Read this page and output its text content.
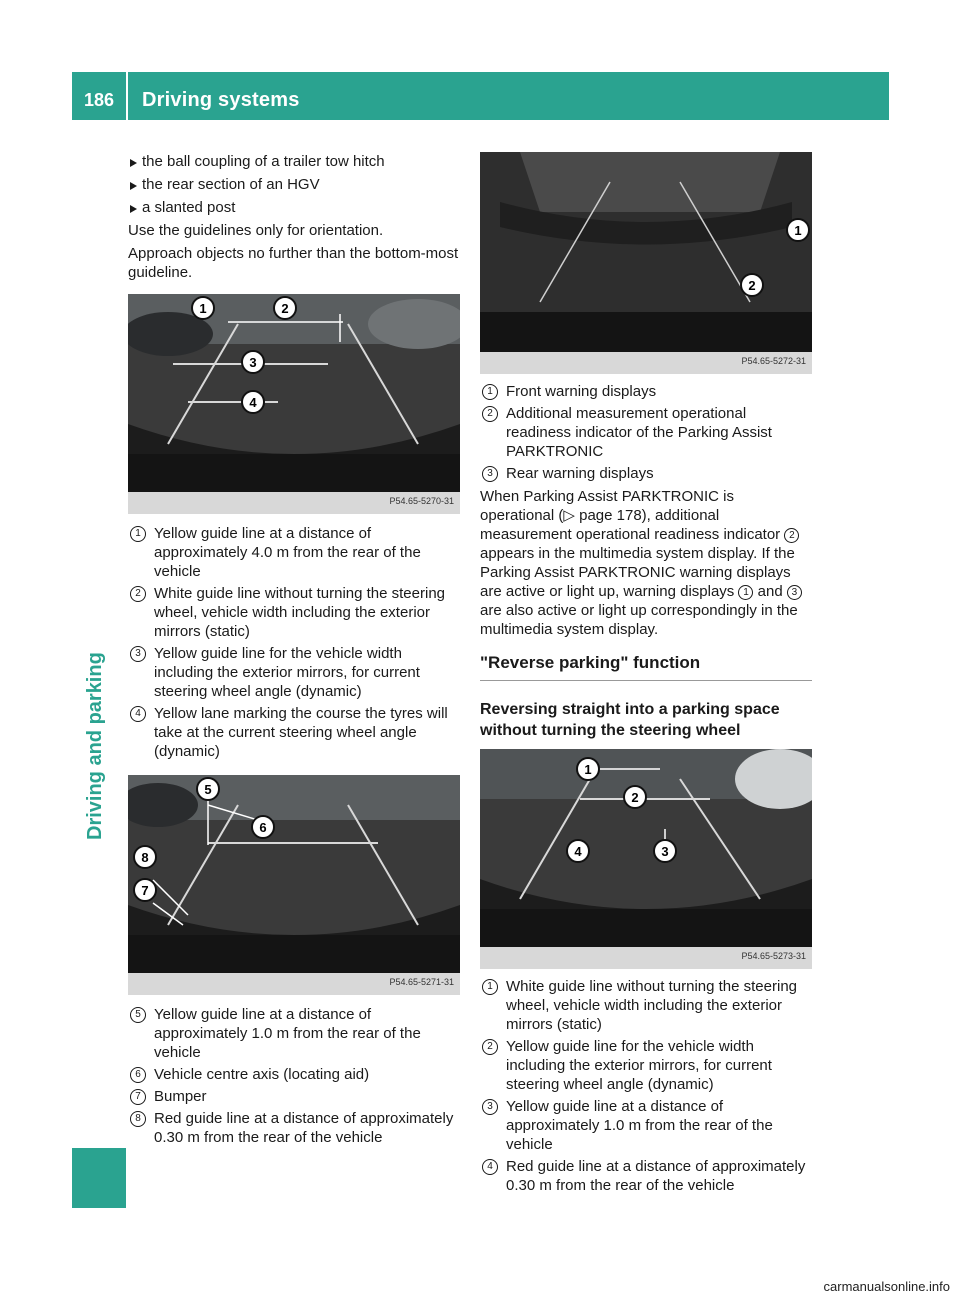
186	Driving systems
Driving and parking
the ball coupling of a trailer tow hitch
the rear section of an HGV
a slanted post

Use the guidelines only for orientation.

Approach objects no further than the bottom-most guideline.

1	2
3
4
P54.65-5270-31
1 Yellow guide line at a distance of approximately 4.0 m from the rear of the vehicle
2 White guide line without turning the steering wheel, vehicle width including the exterior mirrors (static)
3 Yellow guide line for the vehicle width including the exterior mirrors, for current steering wheel angle (dynamic)
4 Yellow lane marking the course the tyres will take at the current steering wheel angle (dynamic)
5
6
8
7
P54.65-5271-31
5 Yellow guide line at a distance of approximately 1.0 m from the rear of the vehicle
6 Vehicle centre axis (locating aid)
7 Bumper
8 Red guide line at a distance of approximately 0.30 m from the rear of the vehicle
1
2
P54.65-5272-31
1 Front warning displays
2 Additional measurement operational readiness indicator of the Parking Assist PARKTRONIC
3 Rear warning displays

When Parking Assist PARKTRONIC is operational (▷ page 178), additional measurement operational readiness indicator 2 appears in the multimedia system display. If the Parking Assist PARKTRONIC warning displays are active or light up, warning displays 1 and 3 are also active or light up correspondingly in the multimedia system display.

"Reverse parking" function
Reversing straight into a parking space without turning the steering wheel
1
2
3
4
P54.65-5273-31
1 White guide line without turning the steering wheel, vehicle width including the exterior mirrors (static)
2 Yellow guide line for the vehicle width including the exterior mirrors, for current steering wheel angle (dynamic)
3 Yellow guide line at a distance of approximately 1.0 m from the rear of the vehicle
4 Red guide line at a distance of approximately 0.30 m from the rear of the vehicle
carmanualsonline.info
